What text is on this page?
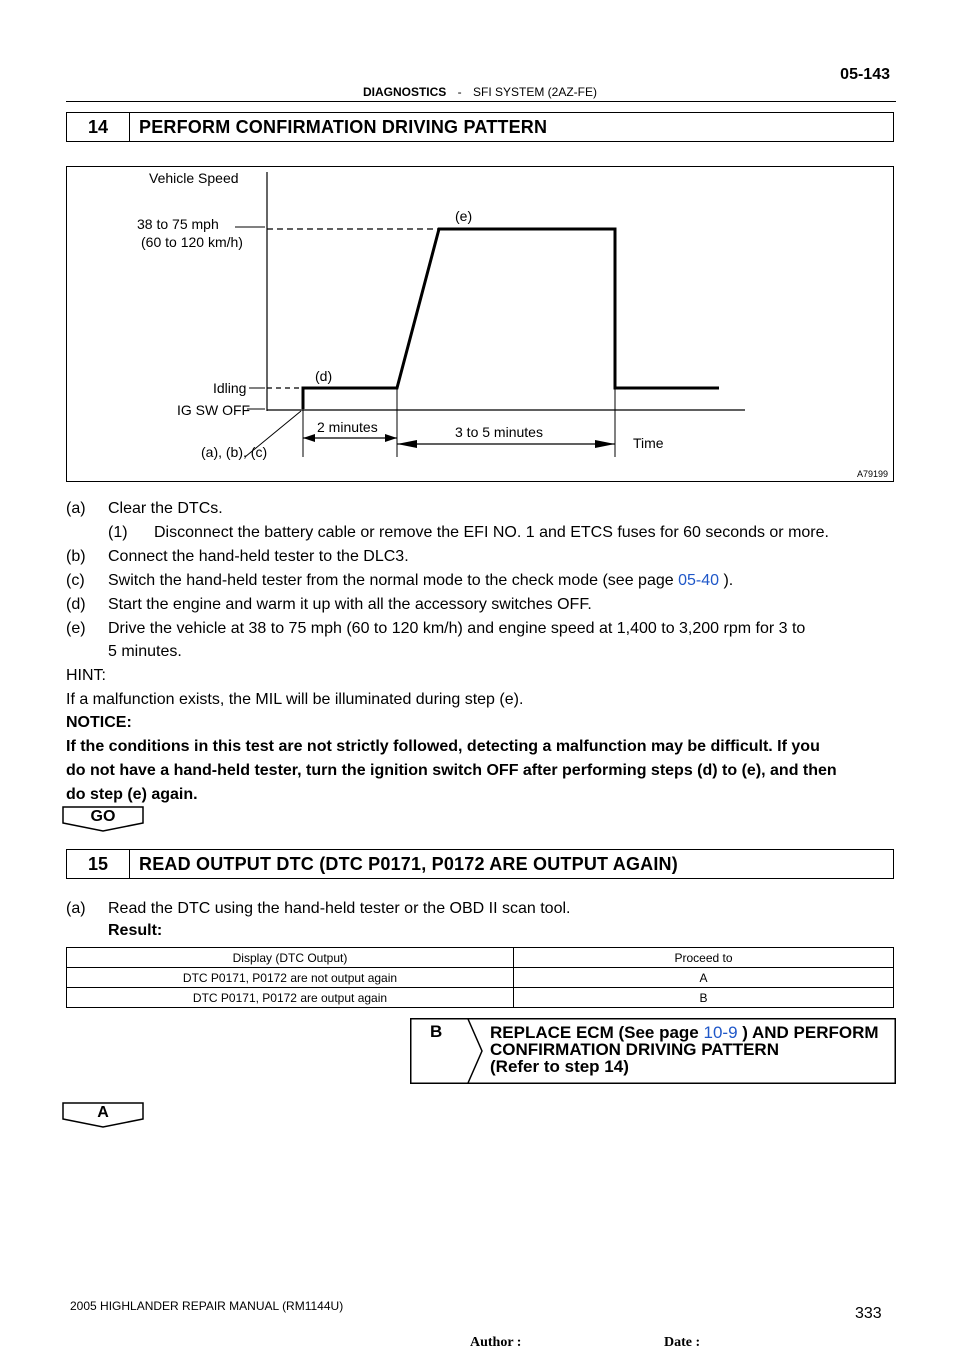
05-143
DIAGNOSTICS - SFI SYSTEM (2AZ-FE)
14	PERFORM CONFIRMATION DRIVING PATTERN
Vehicle Speed
38 to 75 mph
(60 to 120 km/h)
Idling
IG SW OFF
(a), (b), (c)
(d)
(e)
2 minutes	3 to 5 minutes
Time
A79199
(a) Clear the DTCs.
(1) Disconnect the battery cable or remove the EFI NO. 1 and ETCS fuses for 60 seconds or more.
(b) Connect the hand-held tester to the DLC3.
(c) Switch the hand-held tester from the normal mode to the check mode (see page 05-40 ).
(d) Start the engine and warm it up with all the accessory switches OFF.
(e) Drive the vehicle at 38 to 75 mph (60 to 120 km/h) and engine speed at 1,400 to 3,200 rpm for 3 to
5 minutes.
HINT:
If a malfunction exists, the MIL will be illuminated during step (e).
NOTICE:
If the conditions in this test are not strictly followed, detecting a malfunction may be difficult. If you
do not have a hand-held tester, turn the ignition switch OFF after performing steps (d) to (e), and then
do step (e) again.
GO
15	READ OUTPUT DTC (DTC P0171, P0172 ARE OUTPUT AGAIN)
(a) Read the DTC using the hand-held tester or the OBD II scan tool.
Result:
Display (DTC Output)	Proceed to
DTC P0171, P0172 are not output again	A
DTC P0171, P0172 are output again	B
B	REPLACE ECM (See page 10-9 ) AND PERFORM
CONFIRMATION DRIVING PATTERN
(Refer to step 14)
A
2005 HIGHLANDER REPAIR MANUAL (RM1144U)	333
Author :	Date :
